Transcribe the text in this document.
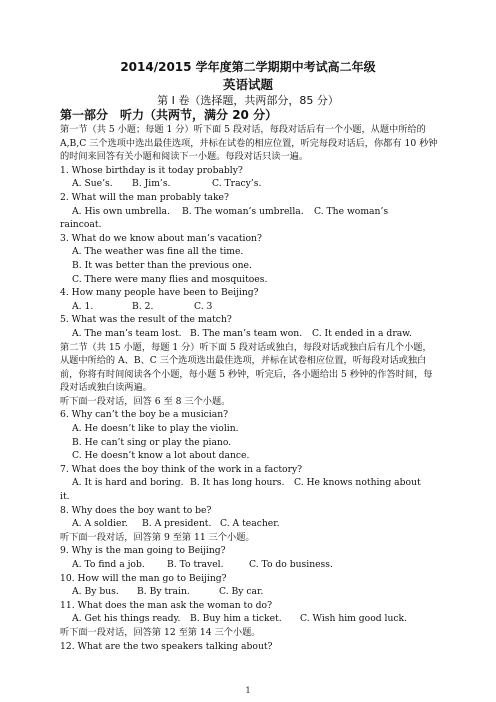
2014/2015 学年度第二学期期中考试高二年级
英语试题
第 I 卷（选择题，共两部分，85 分）
第一部分 听力（共两节，满分 20 分）
第一节（共 5 小题；每题 1 分）听下面 5 段对话，每段对话后有一个小题，从题中所给的 A,B,C 三个选项中选出最佳选项，并标在试卷的相应位置，听完每段对话后，你都有 10 秒钟的时间来回答有关小题和阅读下一小题。每段对话只读一遍。
1. Whose birthday is it today probably?
A. Sue’s. B. Jim’s.	C. Tracy’s.
2. What will the man probably take?
A. His own umbrella. B. The woman’s umbrella. C. The woman’s
raincoat.
3. What do we know about man’s vacation?
A. The weather was fine all the time.
B. It was better than the previous one.
C. There were many flies and mosquitoes.
4. How many people have been to Beijing?
A. 1.	B. 2.	C. 3
5. What was the result of the match?
A. The man’s team lost. B. The man’s team won. C. It ended in a draw.
第二节（共 15 小题，每题 1 分）听下面 5 段对话或独白，每段对话或独白后有几个小题，从题中所给的 A、B、C 三个选项选出最佳选项，并标在试卷相应位置，听每段对话或独白前，你将有时间阅读各个小题，每小题 5 秒钟，听完后，各小题给出 5 秒钟的作答时间，每段对话或独白读两遍。
听下面一段对话，回答 6 至 8 三个小题。
6. Why can’t the boy be a musician?
A. He doesn’t like to play the violin.
B. He can’t sing or play the piano.
C. He doesn’t know a lot about dance.
7. What does the boy think of the work in a factory?
A. It is hard and boring. B. It has long hours. C. He knows nothing about
it.
8. Why does the boy want to be?
A. A soldier. B. A president. C. A teacher.
听下面一段对话，回答第 9 至第 11 三个小题。
9. Why is the man going to Beijing?
A. To find a job. B. To travel.	C. To do business.
10. How will the man go to Beijing?
A. By bus. B. By train.	C. By car.
11. What does the man ask the woman to do?
A. Get his things ready. B. Buy him a ticket. C. Wish him good luck.
听下面一段对话，回答第 12 至第 14 三个小题。
12. What are the two speakers talking about?
1
